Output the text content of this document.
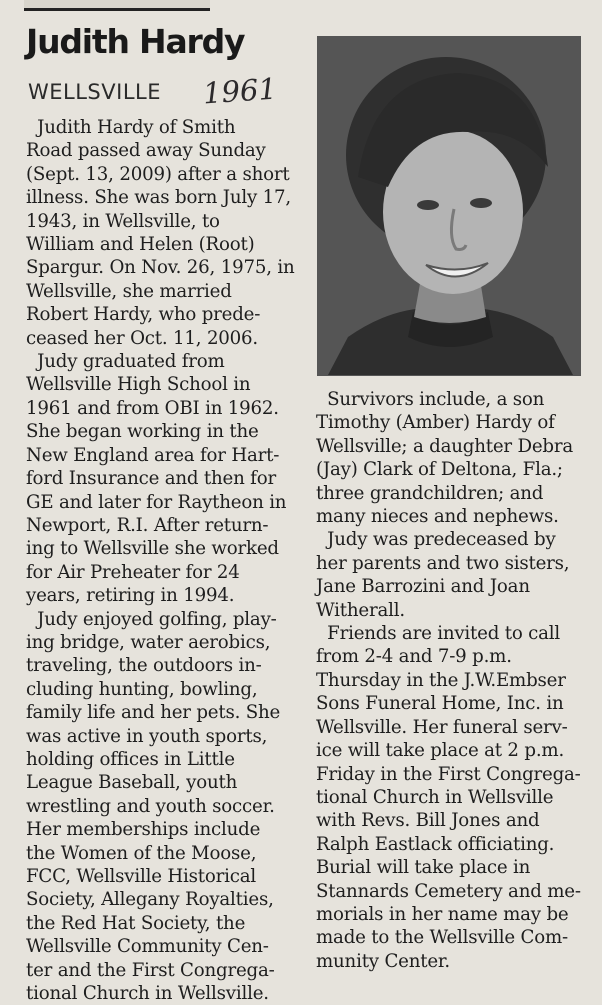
Judith Hardy
WELLSVILLE 1961

Judith Hardy of Smith

Road passed away Sunday

(Sept. 13, 2009) after a short

illness. She was born July 17,

1943, in Wellsville, to

William and Helen (Root)

Spargur. On Nov. 26, 1975, in

Wellsville, she married

Robert Hardy, who prede-

ceased her Oct. 11, 2006.

Judy graduated from

Wellsville High School in

1961 and from OBI in 1962.

She began working in the

New England area for Hart-

ford Insurance and then for

GE and later for Raytheon in

Newport, R.I. After return-

ing to Wellsville she worked

for Air Preheater for 24

years, retiring in 1994.

Judy enjoyed golfing, play-

ing bridge, water aerobics,

traveling, the outdoors in-

cluding hunting, bowling,

family life and her pets. She

was active in youth sports,

holding offices in Little

League Baseball, youth

wrestling and youth soccer.

Her memberships include

the Women of the Moose,

FCC, Wellsville Historical

Society, Allegany Royalties,

the Red Hat Society, the

Wellsville Community Cen-

ter and the First Congrega-

tional Church in Wellsville.

Survivors include, a son

Timothy (Amber) Hardy of

Wellsville; a daughter Debra

(Jay) Clark of Deltona, Fla.;

three grandchildren; and

many nieces and nephews.

Judy was predeceased by

her parents and two sisters,

Jane Barrozini and Joan

Witherall.

Friends are invited to call

from 2-4 and 7-9 p.m.

Thursday in the J.W.Embser

Sons Funeral Home, Inc. in

Wellsville. Her funeral serv-

ice will take place at 2 p.m.

Friday in the First Congrega-

tional Church in Wellsville

with Revs. Bill Jones and

Ralph Eastlack officiating.

Burial will take place in

Stannards Cemetery and me-

morials in her name may be

made to the Wellsville Com-

munity Center.
